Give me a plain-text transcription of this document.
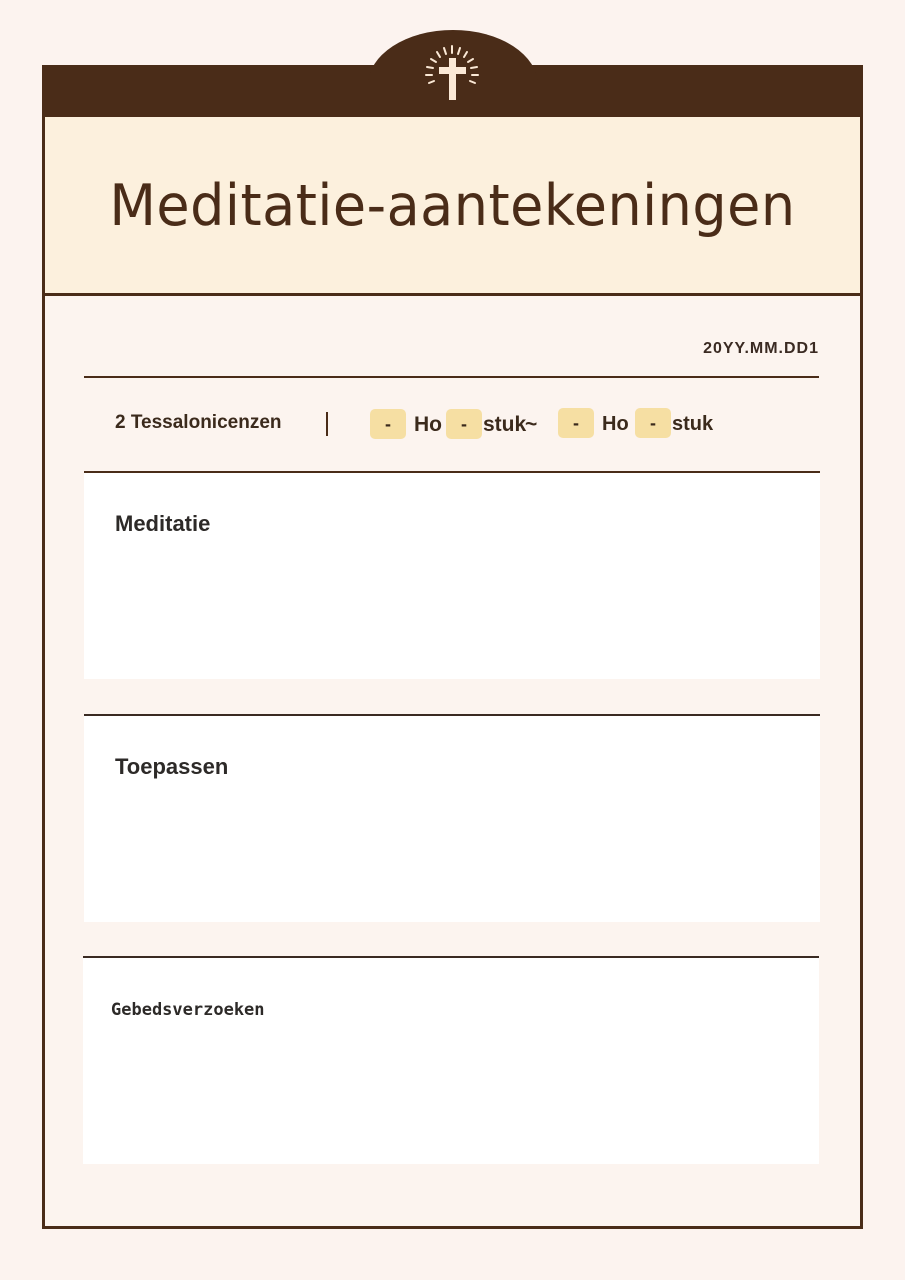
Meditatie-aantekeningen
20YY.MM.DD1
2 Tessalonicenzen	-	Ho	- stuk
~	-	Ho	- stuk
Meditatie
Toepassen
Gebedsverzoeken
